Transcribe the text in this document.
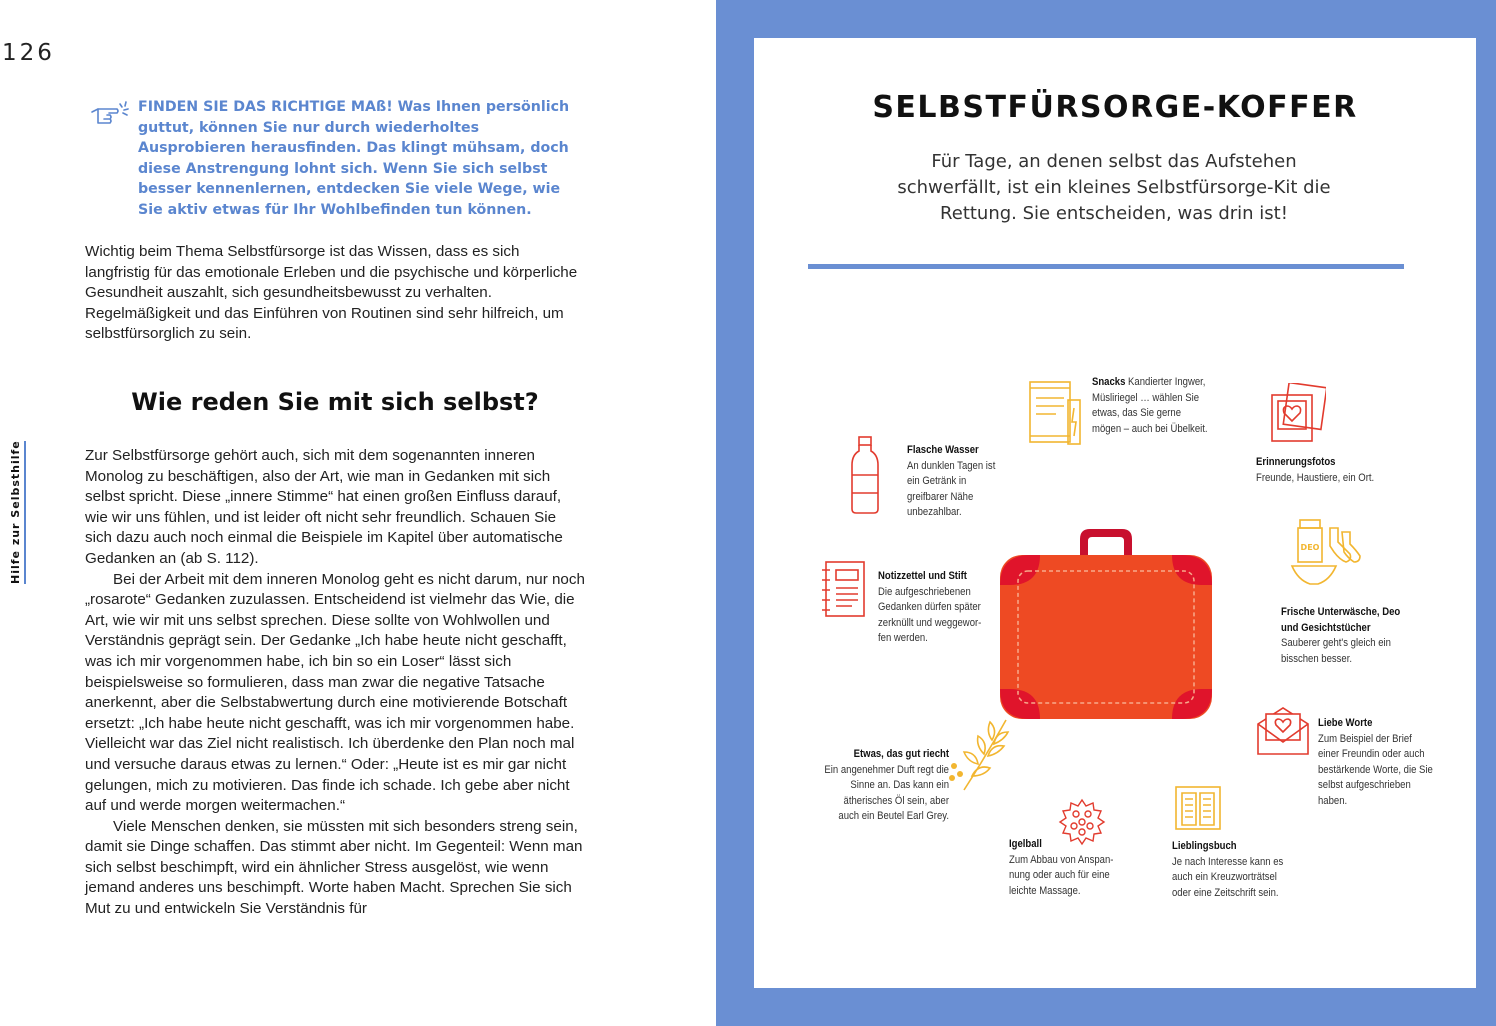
126
FINDEN SIE DAS RICHTIGE MAß! Was Ihnen persönlich guttut, können Sie nur durch wiederholtes Ausprobieren herausfinden. Das klingt mühsam, doch diese Anstrengung lohnt sich. Wenn Sie sich selbst besser kennenlernen, entdecken Sie viele Wege, wie Sie aktiv etwas für Ihr Wohlbefinden tun können.
Wichtig beim Thema Selbstfürsorge ist das Wissen, dass es sich langfristig für das emotionale Erleben und die psychische und körperliche Gesundheit auszahlt, sich gesundheitsbewusst zu verhalten. Regelmäßigkeit und das Einführen von Routinen sind sehr hilfreich, um selbstfürsorglich zu sein.
Wie reden Sie mit sich selbst?

Zur Selbstfürsorge gehört auch, sich mit dem sogenannten inneren Monolog zu beschäftigen, also der Art, wie man in Gedanken mit sich selbst spricht. Diese „innere Stimme“ hat einen großen Einfluss darauf, wie wir uns fühlen, und ist leider oft nicht sehr freundlich. Schauen Sie sich dazu auch noch einmal die Beispiele im Kapitel über automatische Gedanken an (ab S. 112).

Bei der Arbeit mit dem inneren Monolog geht es nicht darum, nur noch „rosarote“ Gedanken zuzulassen. Entscheidend ist vielmehr das Wie, die Art, wie wir mit uns selbst sprechen. Diese sollte von Wohlwollen und Verständnis geprägt sein. Der Gedanke „Ich habe heute nicht geschafft, was ich mir vorgenommen habe, ich bin so ein Loser“ lässt sich beispielsweise so formulieren, dass man zwar die negative Tatsache anerkennt, aber die Selbstabwertung durch eine motivierende Botschaft ersetzt: „Ich habe heute nicht geschafft, was ich mir vorgenommen habe. Vielleicht war das Ziel nicht realistisch. Ich überdenke den Plan noch mal und versuche daraus etwas zu lernen.“ Oder: „Heute ist es mir gar nicht gelungen, mich zu motivieren. Das finde ich schade. Ich gebe aber nicht auf und werde morgen weitermachen.“

Viele Menschen denken, sie müssten mit sich besonders streng sein, damit sie Dinge schaffen. Das stimmt aber nicht. Im Gegenteil: Wenn man sich selbst beschimpft, wird ein ähnlicher Stress ausgelöst, wie wenn jemand anderes uns beschimpft. Worte haben Macht. Sprechen Sie sich Mut zu und entwickeln Sie Verständnis für

Hilfe zur Selbsthilfe
SELBSTFÜRSORGE-KOFFER
Für Tage, an denen selbst das Aufstehen schwerfällt, ist ein kleines Selbstfürsorge-Kit die Rettung. Sie entscheiden, was drin ist!
Snacks Kandierter Ingwer, Müsliriegel … wählen Sie etwas, das Sie gerne mögen – auch bei Übelkeit.
Flasche Wasser
An dunklen Tagen ist ein Getränk in greifbarer Nähe unbezahlbar.
Erinnerungsfotos
Freunde, Haustiere, ein Ort.
Notizzettel und Stift
Die aufgeschriebenen Gedanken dürfen später zerknüllt und weggeworfen werden.
DEO
Frische Unterwäsche, Deo und Gesichtstücher
Sauberer geht's gleich ein bisschen besser.
Etwas, das gut riecht
Ein angenehmer Duft regt die Sinne an. Das kann ein ätherisches Öl sein, aber auch ein Beutel Earl Grey.
Liebe Worte
Zum Beispiel der Brief einer Freundin oder auch bestärkende Worte, die Sie selbst aufgeschrieben haben.
Igelball
Zum Abbau von Anspannung oder auch für eine leichte Massage.
Lieblingsbuch
Je nach Interesse kann es auch ein Kreuzworträtsel oder eine Zeitschrift sein.
